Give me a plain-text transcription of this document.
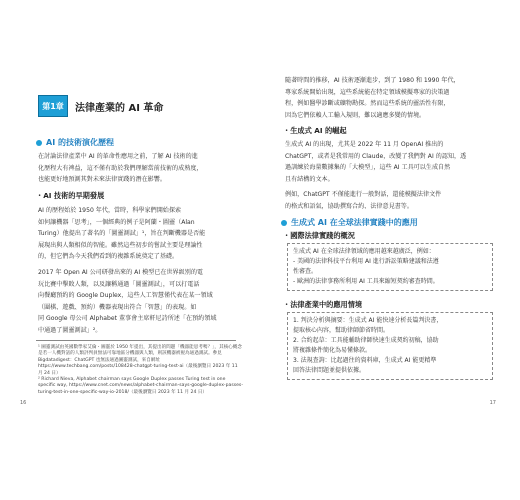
第1章	法律產業的 AI 革命
AI 的技術演化歷程
在討論法律產業中 AI 的革命性應用之前，了解 AI 技術的進
化歷程大有裨益，這不僅有助於我們理解當前技術的成熟度，
也能更好地預測其對未來法律實踐的潛在影響。
・AI 技術的早期發展
AI 的歷程始於 1950 年代，當時，科學家們開始探索
如何讓機器「思考」，一個經典的例子是阿蘭・圖靈（Alan
Turing）他提出了著名的「圖靈測試」¹，旨在判斷機器是否能
展現出與人類相似的智能。雖然這些初步的嘗試主要是理論性
的，但它們為今天我們看到的複雜系統奠定了基礎。
2017 年 Open AI 公司研發出來的 AI 模型已在世界級別的電
玩比賽中擊敗人類，以及讓稱通過「圖靈測試」，可以打電話
向餐廳預約的 Google Duplex，這些人工智慧僅代表在某一領域
（圍棋、遊戲、預約）機器表現出符合「智慧」的表現。如
同 Google 母公司 Alphabet 董事會主席軒尼詩所述「在預約領域
中通過了圖靈測試」²。
¹ 圖靈測試由英國數學家艾倫・圖靈於 1950 年提出，其提出的問題「機器能思考嗎？」，其核心概念是若一人機對話的人類評判員無法可靠地區分機器與人類，則該機器被視為通過測試。參見 Bigdatadigest：ChatGPT 也無法通過圖靈測試，來自網址 https://www.techbang.com/posts/108428-chatgpt-turing-test-ai（最後瀏覽日 2023 年 11 月 24 日）
² Richard Nieva, Alphabet chairman says Google Duplex passes Turing test in one specific way, https://www.cnet.com/news/alphabet-chairman-says-google-duplex-passes-turing-test-in-one-specific-way-io-2018/（最後瀏覽日 2023 年 11 月 24 日）
16
隨著時間的推移，AI 技術逐漸進步，到了 1980 和 1990 年代，
專家系統開始出現，這些系統能在特定領域模擬專家的決策過
程，例如醫學診斷或礦物勘探。然而這些系統的靈活性有限，
因為它們依賴人工輸入規則，難以適應多變的情境。
・生成式 AI 的崛起
生成式 AI 的出現，尤其是 2022 年 11 月 OpenAI 推出的
ChatGPT，或者是我常用的 Claude，改變了我們對 AI 的認知，透
過訓練於海量數據集的「大模型」，這些 AI 工具可以生成自然
且有結構的文本。
例如，ChatGPT 不僅能進行一般對話，還能模擬法律文件
的格式和語氣，協助撰寫合約、法律意見書等。
生成式 AI 在全球法律實踐中的應用
・國際法律實踐的概況
生成式 AI 在全球法律領域的應用越來越廣泛，例如：
- 美國的法律科技平台利用 AI 進行訴訟策略建議和法遵
性審查。
- 歐洲的法律事務所利用 AI 工具來縮短契約審查時間。
・法律產業中的應用情境
1. 判決分析與摘要：生成式 AI 能快速分析長篇判決書，
提取核心內容，幫助律師節省時間。
2. 合約起草：工具能輔助律師快速生成契約初稿，協助
將複雜條件簡化為易懂條款。
3. 法規查詢：比起過往的資料庫，生成式 AI 能更精準
回答法律問題並提供依據。
17
